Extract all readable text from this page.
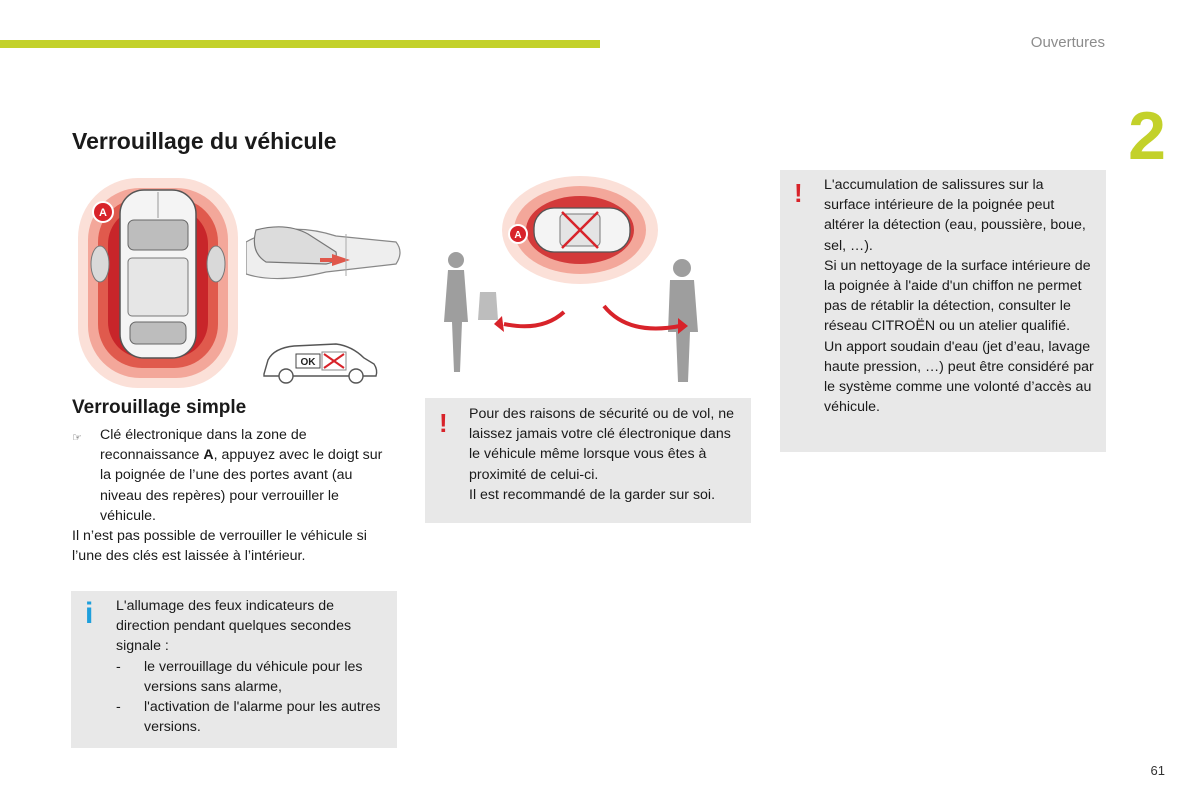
Ouvertures
2
Verrouillage du véhicule
A
OK
A
Verrouillage simple
☞	Clé électronique dans la zone de reconnaissance A, appuyez avec le doigt sur la poignée de l’une des portes avant (au niveau des repères) pour verrouiller le véhicule.
Il n’est pas possible de verrouiller le véhicule si l’une des clés est laissée à l’intérieur.
i L'allumage des feux indicateurs de direction pendant quelques secondes signale :

-	le verrouillage du véhicule pour les versions sans alarme,
-	l'activation de l'alarme pour les autres versions.
! Pour des raisons de sécurité ou de vol, ne laissez jamais votre clé électronique dans le véhicule même lorsque vous êtes à proximité de celui-ci.

Il est recommandé de la garder sur soi.

! L'accumulation de salissures sur la surface intérieure de la poignée peut altérer la détection (eau, poussière, boue, sel, …).

Si un nettoyage de la surface intérieure de la poignée à l'aide d'un chiffon ne permet pas de rétablir la détection, consulter le réseau CITROËN ou un atelier qualifié.

Un apport soudain d'eau (jet d’eau, lavage haute pression, …) peut être considéré par le système comme une volonté d’accès au véhicule.

61
